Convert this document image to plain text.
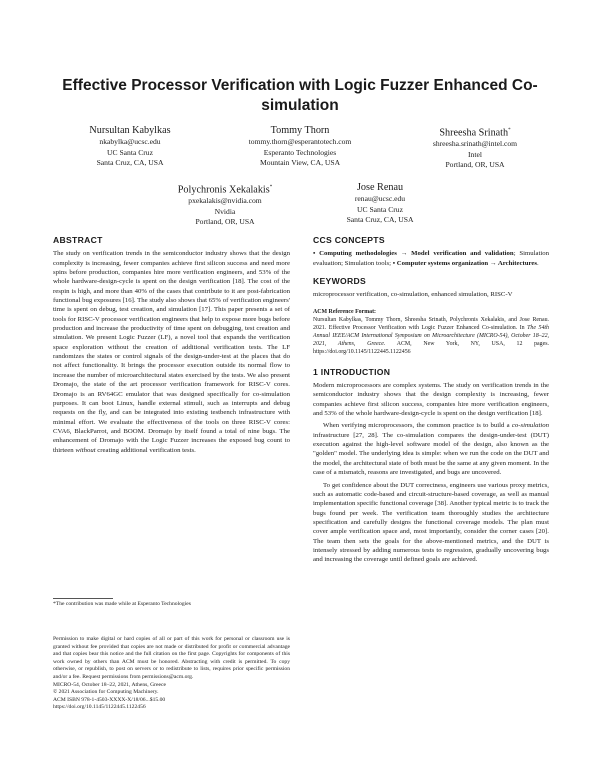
Effective Processor Verification with Logic Fuzzer Enhanced Co-simulation
Nursultan Kabylkas
nkabylka@ucsc.edu
UC Santa Cruz
Santa Cruz, CA, USA
Tommy Thorn
tommy.thorn@esperantotech.com
Esperanto Technologies
Mountain View, CA, USA
Shreesha Srinath*
shreesha.srinath@intel.com
Intel
Portland, OR, USA
Polychronis Xekalakis*
pxekalakis@nvidia.com
Nvidia
Portland, OR, USA
Jose Renau
renau@ucsc.edu
UC Santa Cruz
Santa Cruz, CA, USA
ABSTRACT

The study on verification trends in the semiconductor industry shows that the design complexity is increasing, fewer companies achieve first silicon success and need more spins before production, companies hire more verification engineers, and 53% of the whole hardware-design-cycle is spent on the design verification [18]. The cost of the respin is high, and more than 40% of the cases that contribute to it are post-fabrication functional bug exposures [16]. The study also shows that 65% of verification engineers' time is spent on debug, test creation, and simulation [17]. This paper presents a set of tools for RISC-V processor verification engineers that help to expose more bugs before production and increase the productivity of time spent on debugging, test creation and simulation. We present Logic Fuzzer (LF), a novel tool that expands the verification space exploration without the creation of additional verification tests. The LF randomizes the states or control signals of the design-under-test at the places that do not affect functionality. It brings the processor execution outside its normal flow to increase the number of microarchitectural states exercised by the tests. We also present Dromajo, the state of the art processor verification framework for RISC-V cores. Dromajo is an RV64GC emulator that was designed specifically for co-simulation purposes. It can boot Linux, handle external stimuli, such as interrupts and debug requests on the fly, and can be integrated into existing testbench infrastructure with minimal effort. We evaluate the effectiveness of the tools on three RISC-V cores: CVA6, BlackParrot, and BOOM. Dromajo by itself found a total of nine bugs. The enhancement of Dromajo with the Logic Fuzzer increases the exposed bug count to thirteen without creating additional verification tests.

*The contribution was made while at Esperanto Technologies

Permission to make digital or hard copies of all or part of this work for personal or classroom use is granted without fee provided that copies are not made or distributed for profit or commercial advantage and that copies bear this notice and the full citation on the first page. Copyrights for components of this work owned by others than ACM must be honored. Abstracting with credit is permitted. To copy otherwise, or republish, to post on servers or to redistribute to lists, requires prior specific permission and/or a fee. Request permissions from permissions@acm.org.

MICRO-54, October 18–22, 2021, Athens, Greece

© 2021 Association for Computing Machinery.

ACM ISBN 978-1-4503-XXXX-X/18/06...$15.00

https://doi.org/10.1145/1122445.1122456

CCS CONCEPTS

• Computing methodologies → Model verification and validation; Simulation evaluation; Simulation tools; • Computer systems organization → Architectures.

KEYWORDS

microprocessor verification, co-simulation, enhanced simulation, RISC-V

ACM Reference Format:

Nursultan Kabylkas, Tommy Thorn, Shreesha Srinath, Polychronis Xekalakis, and Jose Renau. 2021. Effective Processor Verification with Logic Fuzzer Enhanced Co-simulation. In The 54th Annual IEEE/ACM International Symposium on Microarchitecture (MICRO-54), October 18–22, 2021, Athens, Greece. ACM, New York, NY, USA, 12 pages. https://doi.org/10.1145/1122445.1122456

1 INTRODUCTION

Modern microprocessors are complex systems. The study on verification trends in the semiconductor industry shows that the design complexity is increasing, fewer companies achieve first silicon success, companies hire more verification engineers, and 53% of the whole hardware-design-cycle is spent on the design verification [18].

When verifying microprocessors, the common practice is to build a co-simulation infrastructure [27, 28]. The co-simulation compares the design-under-test (DUT) execution against the high-level software model of the design, also known as the "golden" model. The underlying idea is simple: when we run the code on the DUT and the model, the architectural state of both must be the same at any given moment. In the case of a mismatch, reasons are investigated, and bugs are uncovered.

To get confidence about the DUT correctness, engineers use various proxy metrics, such as automatic code-based and circuit-structure-based coverage, as well as manual implementation specific functional coverage [38]. Another typical metric is to track the bugs found per week. The verification team thoroughly studies the architecture specification and carefully designs the functional coverage models. The plan must cover ample verification space and, most importantly, consider the corner cases [20]. The team then sets the goals for the above-mentioned metrics, and the DUT is intensely stressed by adding numerous tests to regression, gradually uncovering bugs and increasing the coverage until defined goals are achieved.
